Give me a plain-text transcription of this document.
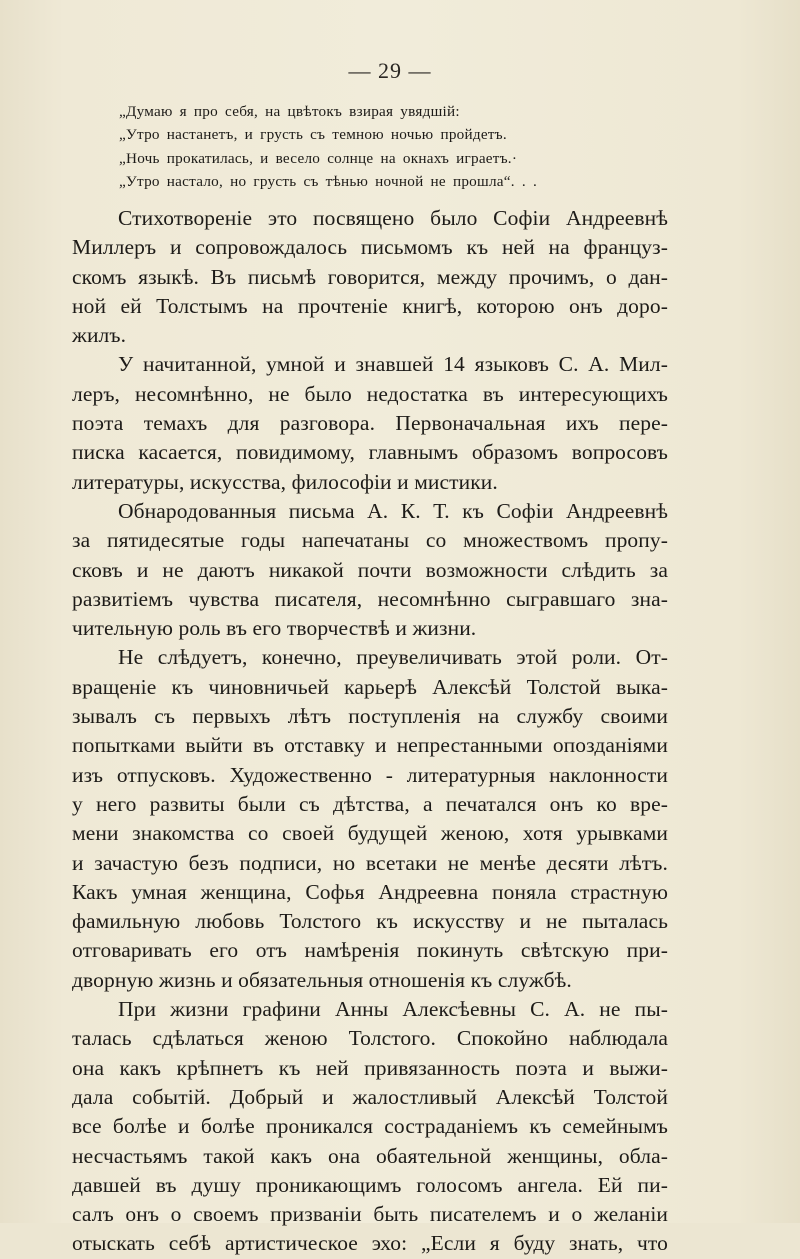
— 29 —
„Думаю я про себя, на цвѣтокъ взирая увядшій:
„Утро настанетъ, и грусть съ темною ночью пройдетъ.
„Ночь прокатилась, и весело солнце на окнахъ играетъ.·
„Утро настало, но грусть съ тѣнью ночной не прошла“. . .
Стихотвореніе это посвящено было Софіи Андреевнѣ
Миллеръ и сопровождалось письмомъ къ ней на француз-
скомъ языкѣ. Въ письмѣ говорится, между прочимъ, о дан-
ной ей Толстымъ на прочтеніе книгѣ, которою онъ доро-
жилъ.
У начитанной, умной и знавшей 14 языковъ С. А. Мил-
леръ, несомнѣнно, не было недостатка въ интересующихъ
поэта темахъ для разговора. Первоначальная ихъ пере-
писка касается, повидимому, главнымъ образомъ вопросовъ
литературы, искусства, философіи и мистики.
Обнародованныя письма А. К. Т. къ Софіи Андреевнѣ
за пятидесятые годы напечатаны со множествомъ пропу-
сковъ и не даютъ никакой почти возможности слѣдить за
развитіемъ чувства писателя, несомнѣнно сыгравшаго зна-
чительную роль въ его творчествѣ и жизни.
Не слѣдуетъ, конечно, преувеличивать этой роли. От-
вращеніе къ чиновничьей карьерѣ Алексѣй Толстой выка-
зывалъ съ первыхъ лѣтъ поступленія на службу своими
попытками выйти въ отставку и непрестанными опозданіями
изъ отпусковъ. Художественно - литературныя наклонности
у него развиты были съ дѣтства, а печатался онъ ко вре-
мени знакомства со своей будущей женою, хотя урывками
и зачастую безъ подписи, но всетаки не менѣе десяти лѣтъ.
Какъ умная женщина, Софья Андреевна поняла страстную
фамильную любовь Толстого къ искусству и не пыталась
отговаривать его отъ намѣренія покинуть свѣтскую при-
дворную жизнь и обязательныя отношенія къ службѣ.
При жизни графини Анны Алексѣевны С. А. не пы-
талась сдѣлаться женою Толстого. Спокойно наблюдала
она какъ крѣпнетъ къ ней привязанность поэта и выжи-
дала событій. Добрый и жалостливый Алексѣй Толстой
все болѣе и болѣе проникался состраданіемъ къ семейнымъ
несчастьямъ такой какъ она обаятельной женщины, обла-
давшей въ душу проникающимъ голосомъ ангела. Ей пи-
салъ онъ о своемъ призваніи быть писателемъ и о желаніи
отыскать себѣ артистическое эхо: „Если я буду знать, что
